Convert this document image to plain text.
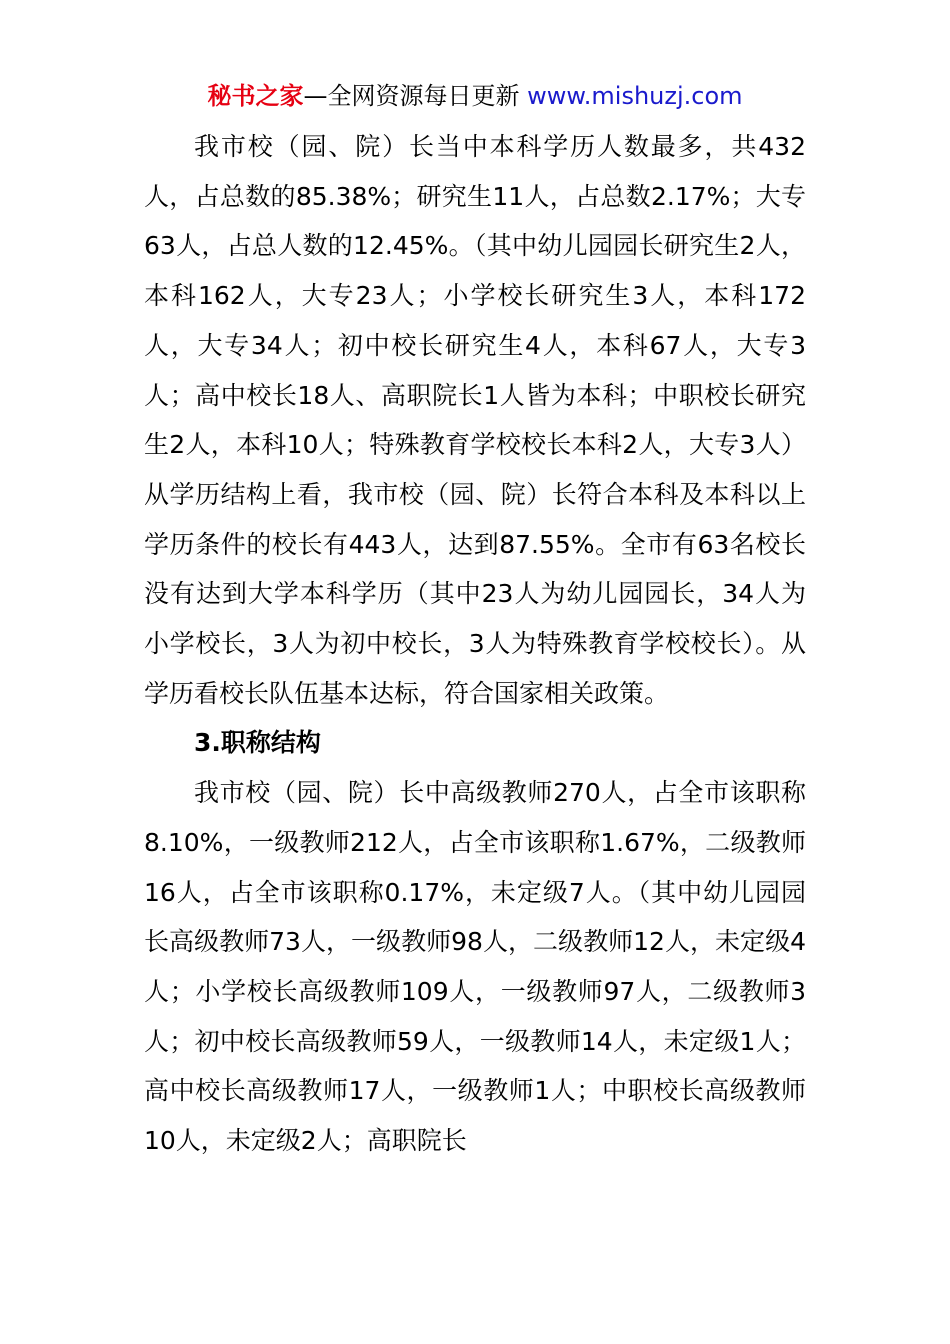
秘书之家—全网资源每日更新 www.mishuzj.com

我市校（园、院）长当中本科学历人数最多，共432人，占总数的85.38%；研究生11人，占总数2.17%；大专63人，占总人数的12.45%。（其中幼儿园园长研究生2人，本科162人，大专23人；小学校长研究生3人，本科172人，大专34人；初中校长研究生4人，本科67人，大专3人；高中校长18人、高职院长1人皆为本科；中职校长研究生2人，本科10人；特殊教育学校校长本科2人，大专3人）从学历结构上看，我市校（园、院）长符合本科及本科以上学历条件的校长有443人，达到87.55%。全市有63名校长没有达到大学本科学历（其中23人为幼儿园园长，34人为小学校长，3人为初中校长，3人为特殊教育学校校长）。从学历看校长队伍基本达标，符合国家相关政策。

3.职称结构

我市校（园、院）长中高级教师270人，占全市该职称8.10%，一级教师212人，占全市该职称1.67%，二级教师16人，占全市该职称0.17%，未定级7人。（其中幼儿园园长高级教师73人，一级教师98人，二级教师12人，未定级4人；小学校长高级教师109人，一级教师97人，二级教师3人；初中校长高级教师59人，一级教师14人，未定级1人；高中校长高级教师17人，一级教师1人；中职校长高级教师10人，未定级2人；高职院长
